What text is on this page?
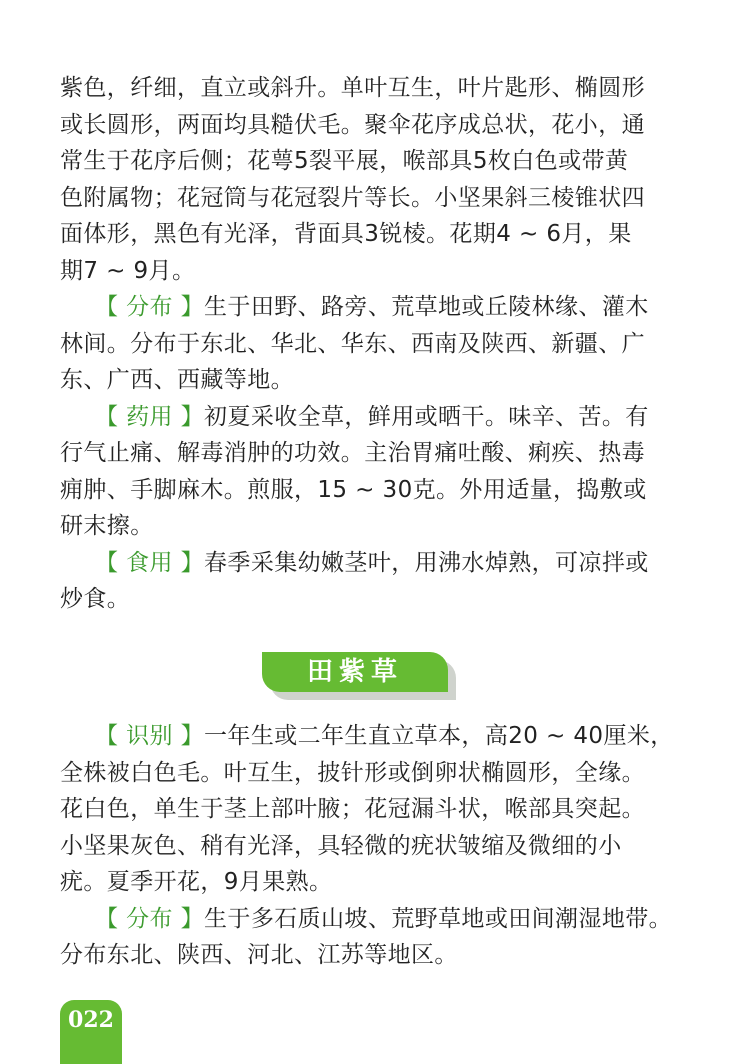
紫色，纤细，直立或斜升。单叶互生，叶片匙形、椭圆形
或长圆形，两面均具糙伏毛。聚伞花序成总状，花小，通
常生于花序后侧；花萼5裂平展，喉部具5枚白色或带黄
色附属物；花冠筒与花冠裂片等长。小坚果斜三棱锥状四
面体形，黑色有光泽，背面具3锐棱。花期4 ~ 6月，果
期7 ~ 9月。
【 分布 】生于田野、路旁、荒草地或丘陵林缘、灌木
林间。分布于东北、华北、华东、西南及陕西、新疆、广
东、广西、西藏等地。
【 药用 】初夏采收全草，鲜用或晒干。味辛、苦。有
行气止痛、解毒消肿的功效。主治胃痛吐酸、痢疾、热毒
痈肿、手脚麻木。煎服，15 ~ 30克。外用适量，捣敷或
研末擦。
【 食用 】春季采集幼嫩茎叶，用沸水焯熟，可凉拌或
炒食。
田紫草
【 识别 】一年生或二年生直立草本，高20 ~ 40厘米，
全株被白色毛。叶互生，披针形或倒卵状椭圆形，全缘。
花白色，单生于茎上部叶腋；花冠漏斗状，喉部具突起。
小坚果灰色、稍有光泽，具轻微的疣状皱缩及微细的小
疣。夏季开花，9月果熟。
【 分布 】生于多石质山坡、荒野草地或田间潮湿地带。
分布东北、陕西、河北、江苏等地区。
022
